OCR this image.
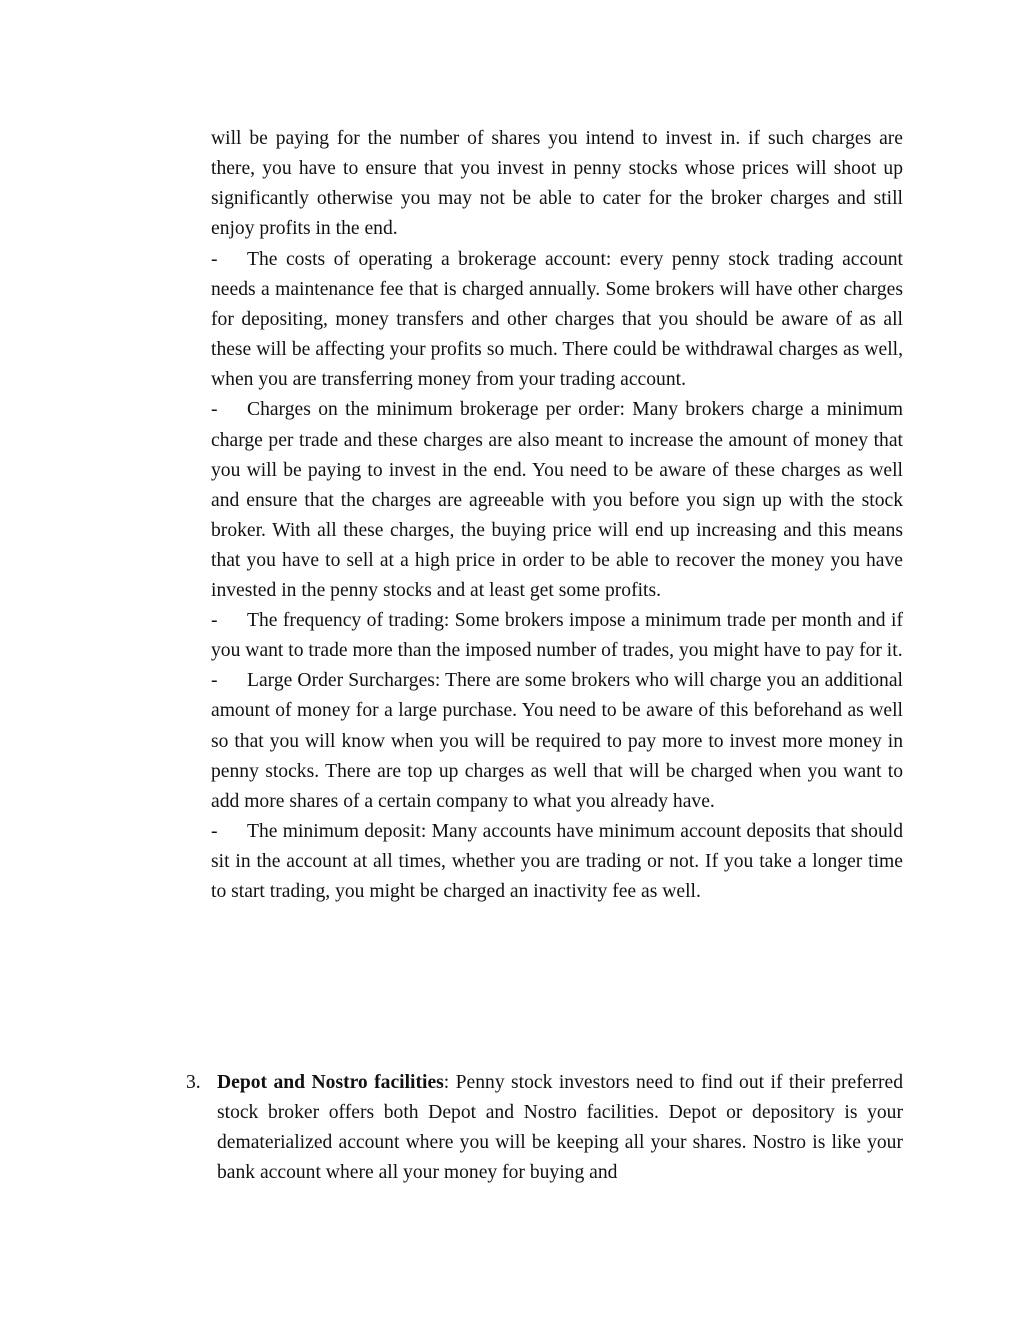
will be paying for the number of shares you intend to invest in. if such charges are there, you have to ensure that you invest in penny stocks whose prices will shoot up significantly otherwise you may not be able to cater for the broker charges and still enjoy profits in the end.

- The costs of operating a brokerage account: every penny stock trading account needs a maintenance fee that is charged annually. Some brokers will have other charges for depositing, money transfers and other charges that you should be aware of as all these will be affecting your profits so much. There could be withdrawal charges as well, when you are transferring money from your trading account.
- Charges on the minimum brokerage per order: Many brokers charge a minimum charge per trade and these charges are also meant to increase the amount of money that you will be paying to invest in the end. You need to be aware of these charges as well and ensure that the charges are agreeable with you before you sign up with the stock broker. With all these charges, the buying price will end up increasing and this means that you have to sell at a high price in order to be able to recover the money you have invested in the penny stocks and at least get some profits.
- The frequency of trading: Some brokers impose a minimum trade per month and if you want to trade more than the imposed number of trades, you might have to pay for it.
- Large Order Surcharges: There are some brokers who will charge you an additional amount of money for a large purchase. You need to be aware of this beforehand as well so that you will know when you will be required to pay more to invest more money in penny stocks. There are top up charges as well that will be charged when you want to add more shares of a certain company to what you already have.
- The minimum deposit: Many accounts have minimum account deposits that should sit in the account at all times, whether you are trading or not. If you take a longer time to start trading, you might be charged an inactivity fee as well.
3. Depot and Nostro facilities: Penny stock investors need to find out if their preferred stock broker offers both Depot and Nostro facilities. Depot or depository is your dematerialized account where you will be keeping all your shares. Nostro is like your bank account where all your money for buying and
